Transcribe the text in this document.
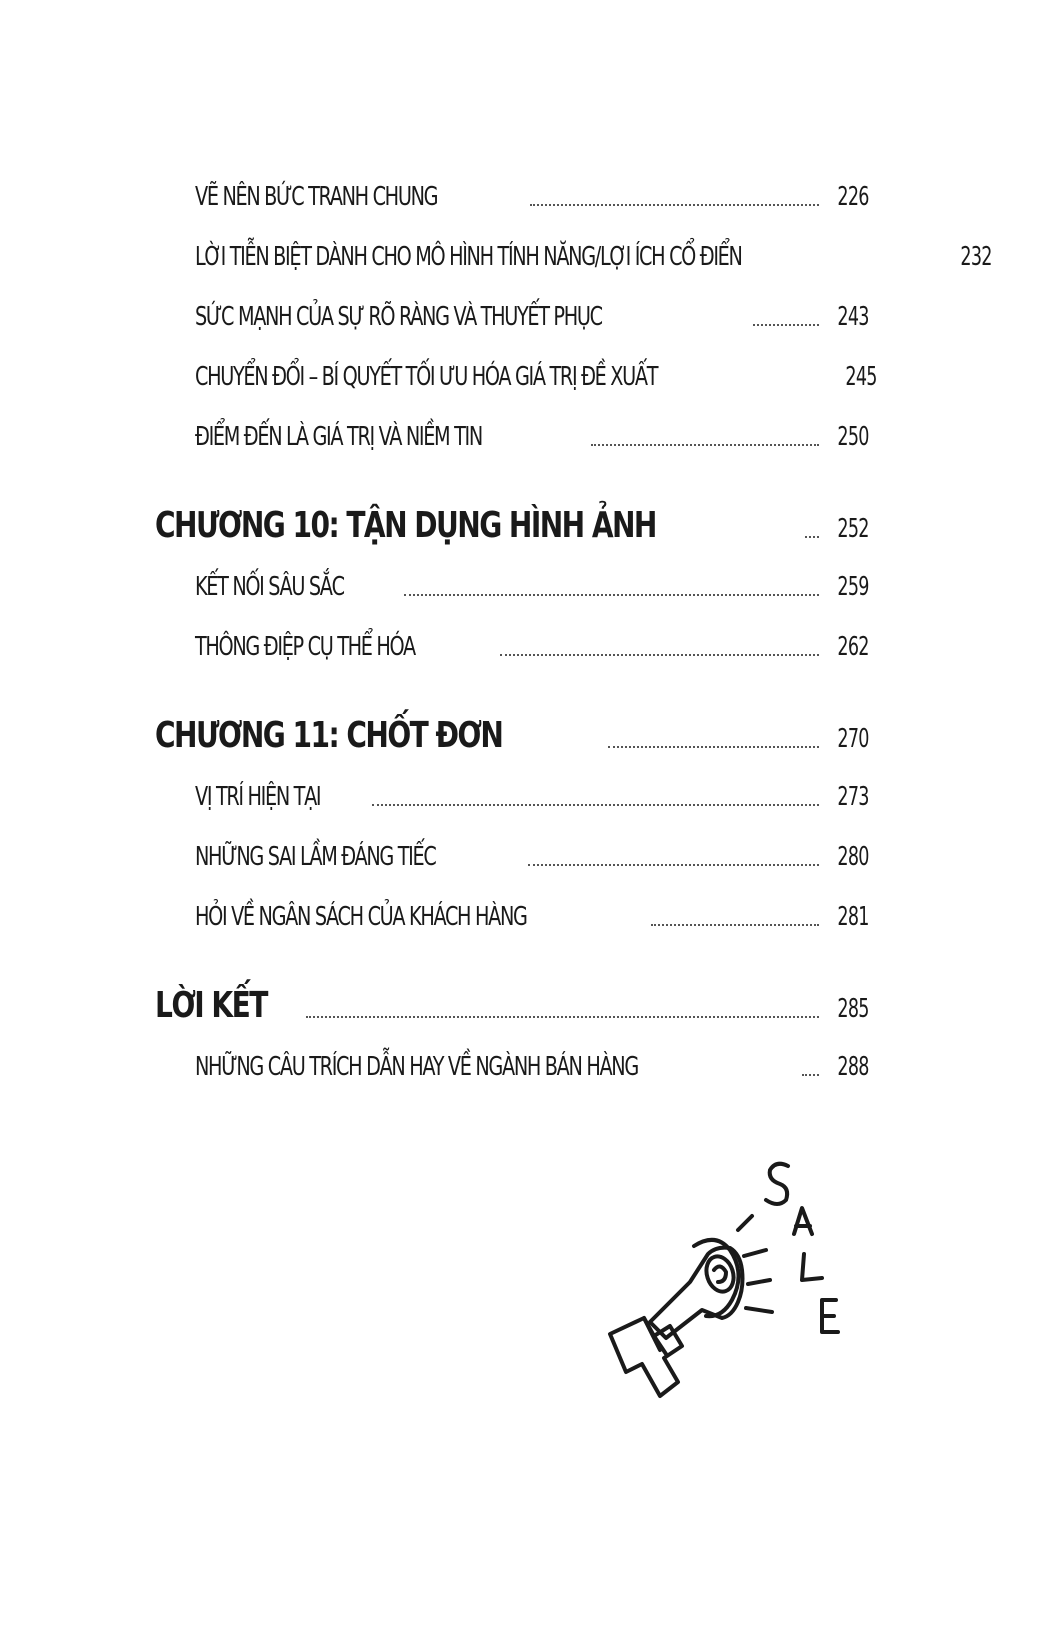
VẼ NÊN BỨC TRANH CHUNG	226
LỜI TIỄN BIỆT DÀNH CHO MÔ HÌNH TÍNH NĂNG/LỢI ÍCH CỔ ĐIỂN	232
SỨC MẠNH CỦA SỰ RÕ RÀNG VÀ THUYẾT PHỤC	243
CHUYỂN ĐỔI – BÍ QUYẾT TỐI ƯU HÓA GIÁ TRỊ ĐỀ XUẤT	245
ĐIỂM ĐẾN LÀ GIÁ TRỊ VÀ NIỀM TIN	250
CHƯƠNG 10: TẬN DỤNG HÌNH ẢNH	252
KẾT NỐI SÂU SẮC	259
THÔNG ĐIỆP CỤ THỂ HÓA	262
CHƯƠNG 11: CHỐT ĐƠN	270
VỊ TRÍ HIỆN TẠI	273
NHỮNG SAI LẦM ĐÁNG TIẾC	280
HỎI VỀ NGÂN SÁCH CỦA KHÁCH HÀNG	281
LỜI KẾT	285
NHỮNG CÂU TRÍCH DẪN HAY VỀ NGÀNH BÁN HÀNG	288
